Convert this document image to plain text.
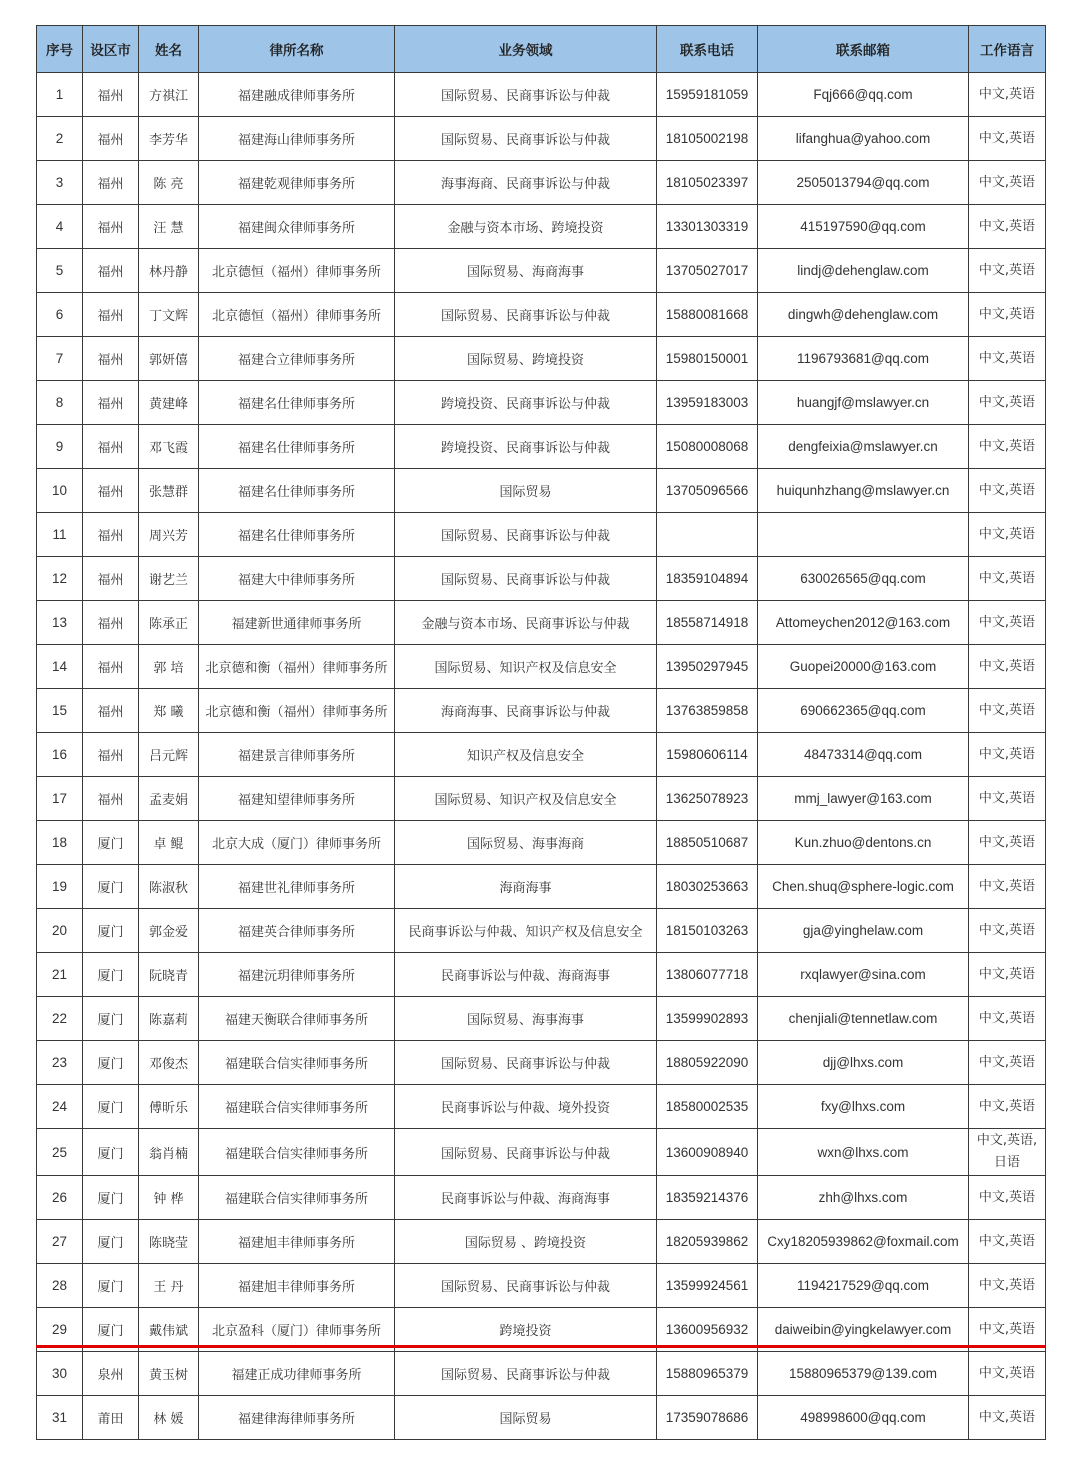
序号	设区市	姓名	律所名称	业务领域	联系电话	联系邮箱	工作语言
1	福州	方祺江	福建融成律师事务所	国际贸易、民商事诉讼与仲裁	15959181059	Fqj666@qq.com	中文,英语
2	福州	李芳华	福建海山律师事务所	国际贸易、民商事诉讼与仲裁	18105002198	lifanghua@yahoo.com	中文,英语
3	福州	陈 亮	福建乾观律师事务所	海事海商、民商事诉讼与仲裁	18105023397	2505013794@qq.com	中文,英语
4	福州	汪 慧	福建闽众律师事务所	金融与资本市场、跨境投资	13301303319	415197590@qq.com	中文,英语
5	福州	林丹静	北京德恒（福州）律师事务所	国际贸易、海商海事	13705027017	lindj@dehenglaw.com	中文,英语
6	福州	丁文辉	北京德恒（福州）律师事务所	国际贸易、民商事诉讼与仲裁	15880081668	dingwh@dehenglaw.com	中文,英语
7	福州	郭妍僖	福建合立律师事务所	国际贸易、跨境投资	15980150001	1196793681@qq.com	中文,英语
8	福州	黄建峰	福建名仕律师事务所	跨境投资、民商事诉讼与仲裁	13959183003	huangjf@mslawyer.cn	中文,英语
9	福州	邓飞霞	福建名仕律师事务所	跨境投资、民商事诉讼与仲裁	15080008068	dengfeixia@mslawyer.cn	中文,英语
10	福州	张慧群	福建名仕律师事务所	国际贸易	13705096566	huiqunhzhang@mslawyer.cn	中文,英语
11	福州	周兴芳	福建名仕律师事务所	国际贸易、民商事诉讼与仲裁			中文,英语
12	福州	谢艺兰	福建大中律师事务所	国际贸易、民商事诉讼与仲裁	18359104894	630026565@qq.com	中文,英语
13	福州	陈承正	福建新世通律师事务所	金融与资本市场、民商事诉讼与仲裁	18558714918	Attomeychen2012@163.com	中文,英语
14	福州	郭 培	北京德和衡（福州）律师事务所	国际贸易、知识产权及信息安全	13950297945	Guopei20000@163.com	中文,英语
15	福州	郑 曦	北京德和衡（福州）律师事务所	海商海事、民商事诉讼与仲裁	13763859858	690662365@qq.com	中文,英语
16	福州	吕元辉	福建景言律师事务所	知识产权及信息安全	15980606114	48473314@qq.com	中文,英语
17	福州	孟麦娟	福建知望律师事务所	国际贸易、知识产权及信息安全	13625078923	mmj_lawyer@163.com	中文,英语
18	厦门	卓 鲲	北京大成（厦门）律师事务所	国际贸易、海事海商	18850510687	Kun.zhuo@dentons.cn	中文,英语
19	厦门	陈淑秋	福建世礼律师事务所	海商海事	18030253663	Chen.shuq@sphere-logic.com	中文,英语
20	厦门	郭金爱	福建英合律师事务所	民商事诉讼与仲裁、知识产权及信息安全	18150103263	gja@yinghelaw.com	中文,英语
21	厦门	阮晓青	福建沅玥律师事务所	民商事诉讼与仲裁、海商海事	13806077718	rxqlawyer@sina.com	中文,英语
22	厦门	陈嘉莉	福建天衡联合律师事务所	国际贸易、海事海事	13599902893	chenjiali@tennetlaw.com	中文,英语
23	厦门	邓俊杰	福建联合信实律师事务所	国际贸易、民商事诉讼与仲裁	18805922090	djj@lhxs.com	中文,英语
24	厦门	傅昕乐	福建联合信实律师事务所	民商事诉讼与仲裁、境外投资	18580002535	fxy@lhxs.com	中文,英语
25	厦门	翁肖楠	福建联合信实律师事务所	国际贸易、民商事诉讼与仲裁	13600908940	wxn@lhxs.com	中文,英语,日语
26	厦门	钟 桦	福建联合信实律师事务所	民商事诉讼与仲裁、海商海事	18359214376	zhh@lhxs.com	中文,英语
27	厦门	陈晓莹	福建旭丰律师事务所	国际贸易 、跨境投资	18205939862	Cxy18205939862@foxmail.com	中文,英语
28	厦门	王 丹	福建旭丰律师事务所	国际贸易、民商事诉讼与仲裁	13599924561	1194217529@qq.com	中文,英语
29	厦门	戴伟斌	北京盈科（厦门）律师事务所	跨境投资	13600956932	daiweibin@yingkelawyer.com	中文,英语
30	泉州	黄玉树	福建正成功律师事务所	国际贸易、民商事诉讼与仲裁	15880965379	15880965379@139.com	中文,英语
31	莆田	林 媛	福建律海律师事务所	国际贸易	17359078686	498998600@qq.com	中文,英语
